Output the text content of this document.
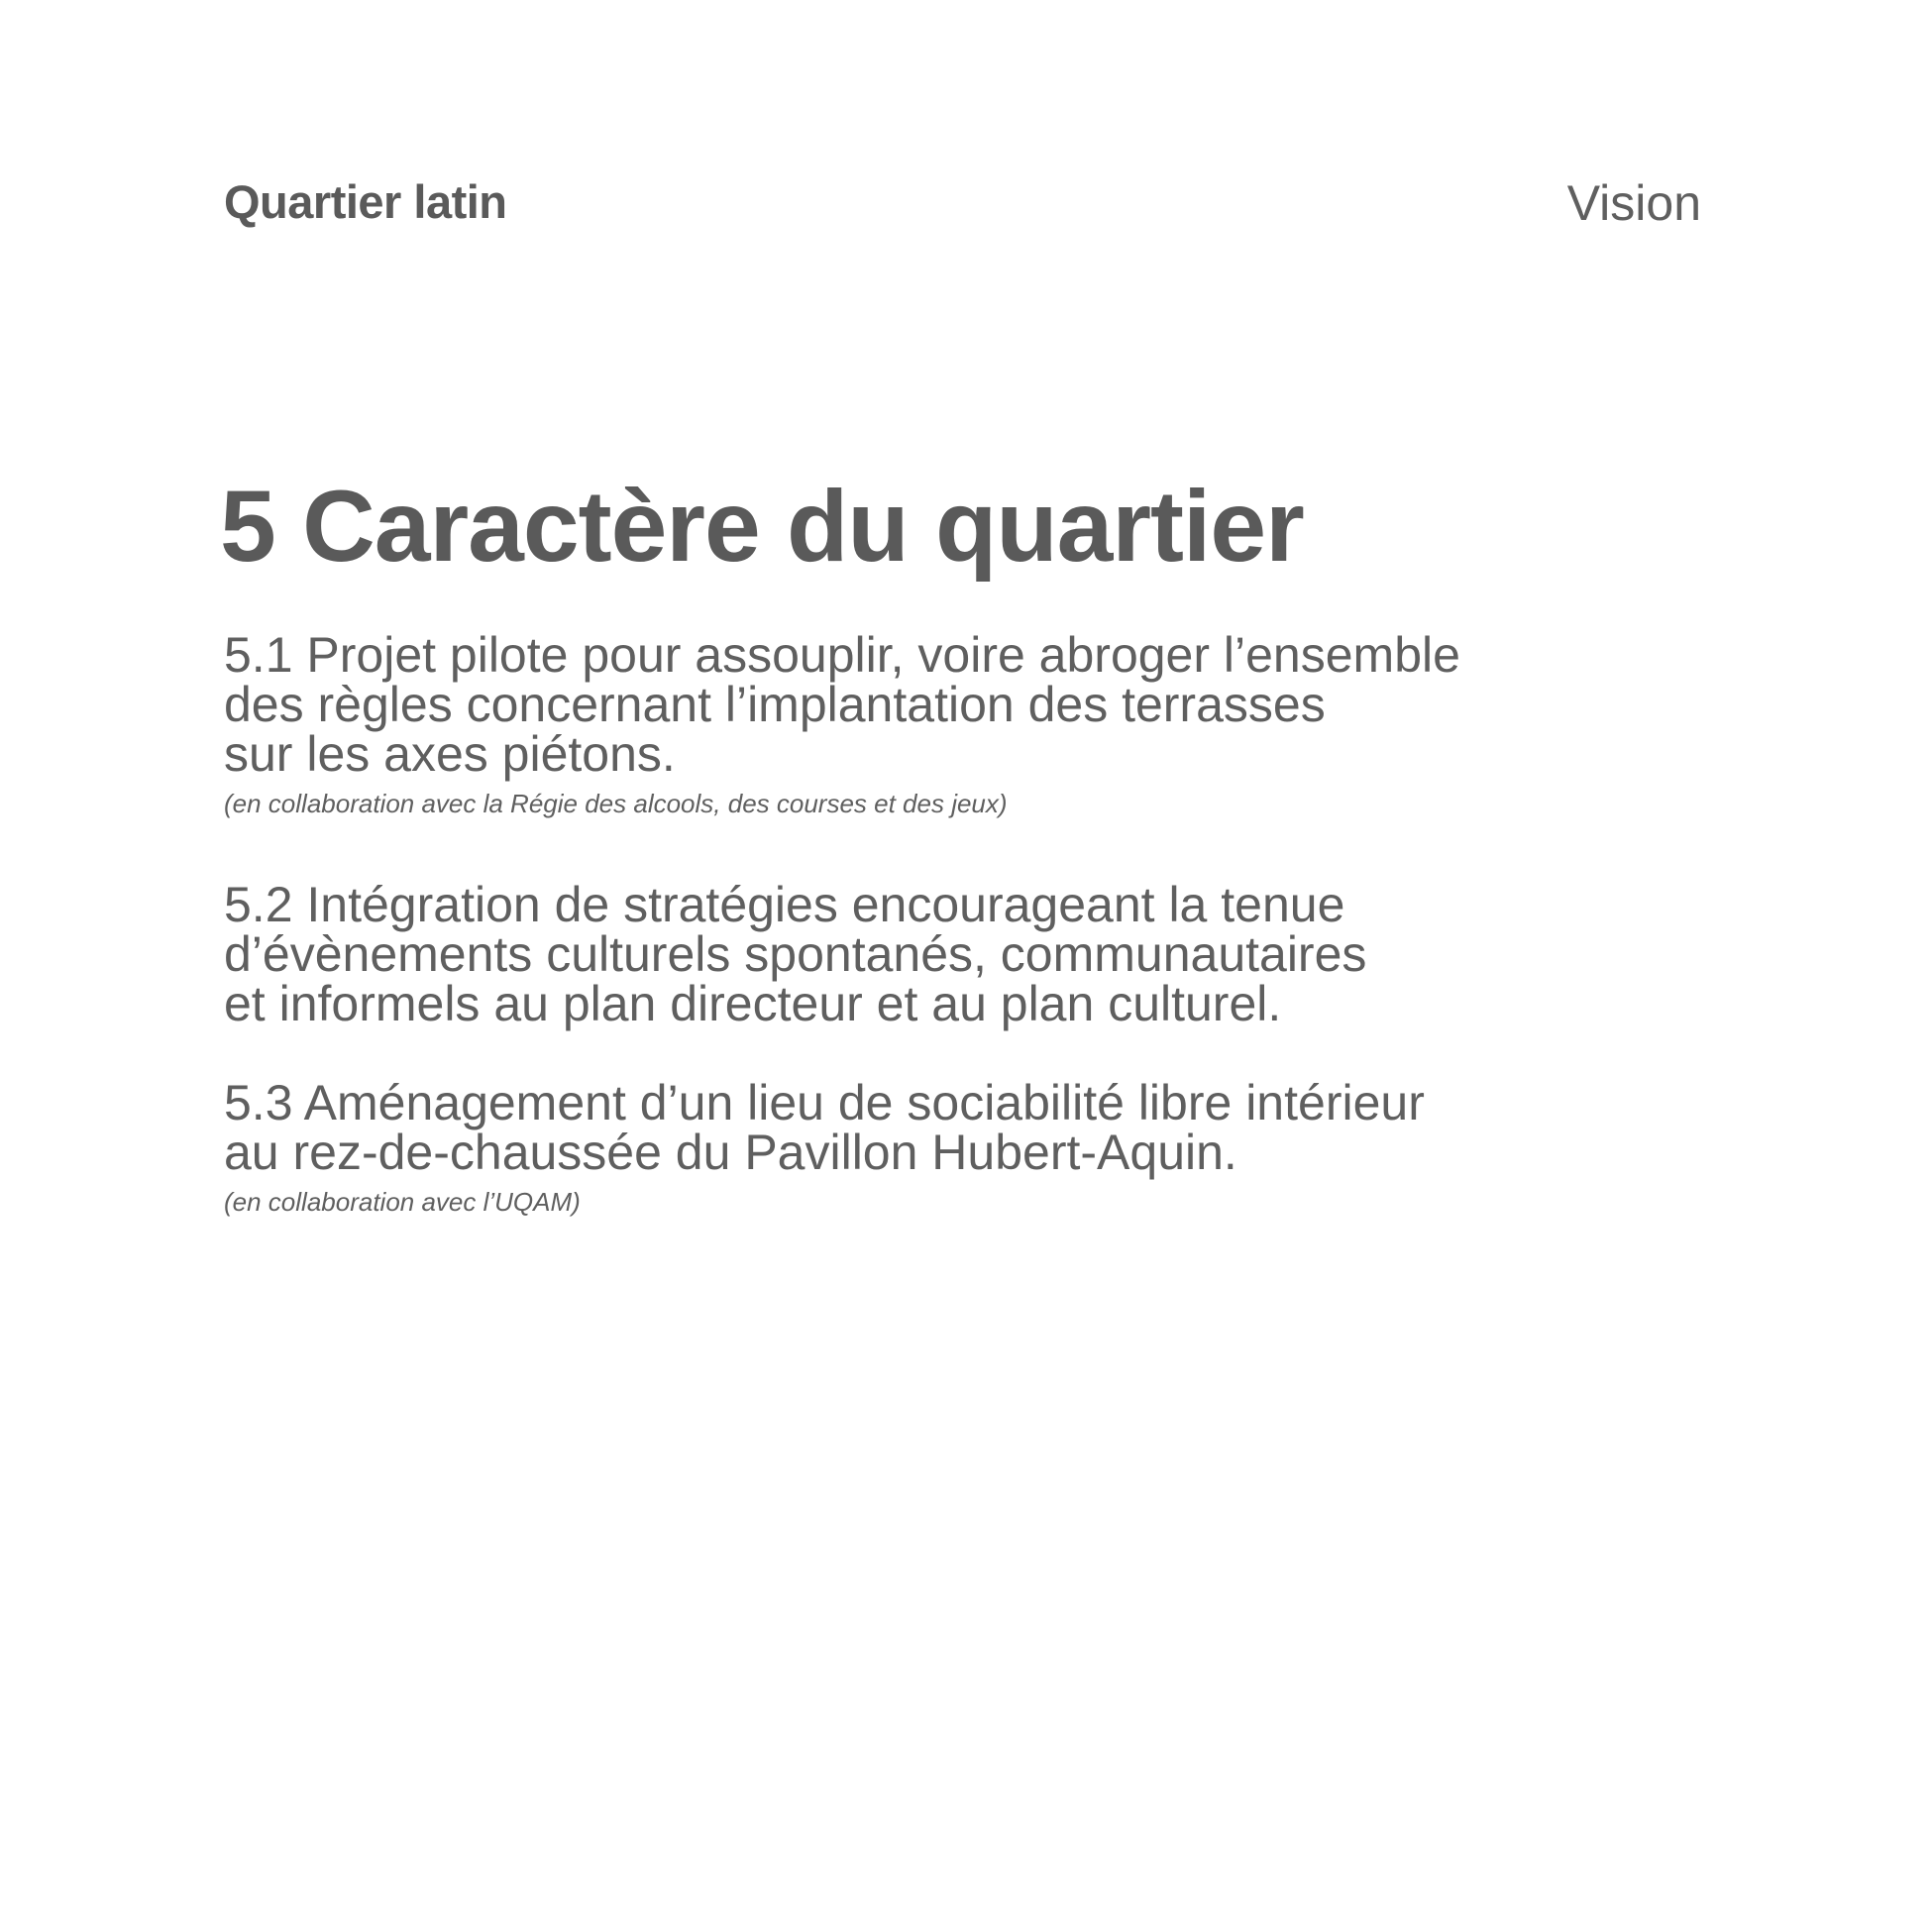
Quartier latin	Vision
5 Caractère du quartier

5.1 Projet pilote pour assouplir, voire abroger l’ensemble
des règles concernant l’implantation des terrasses
sur les axes piétons.

(en collaboration avec la Régie des alcools, des courses et des jeux)

5.2 Intégration de stratégies encourageant la tenue
d’évènements culturels spontanés, communautaires
et informels au plan directeur et au plan culturel.

5.3 Aménagement d’un lieu de sociabilité libre intérieur
au rez-de-chaussée du Pavillon Hubert-Aquin.

(en collaboration avec l’UQAM)
